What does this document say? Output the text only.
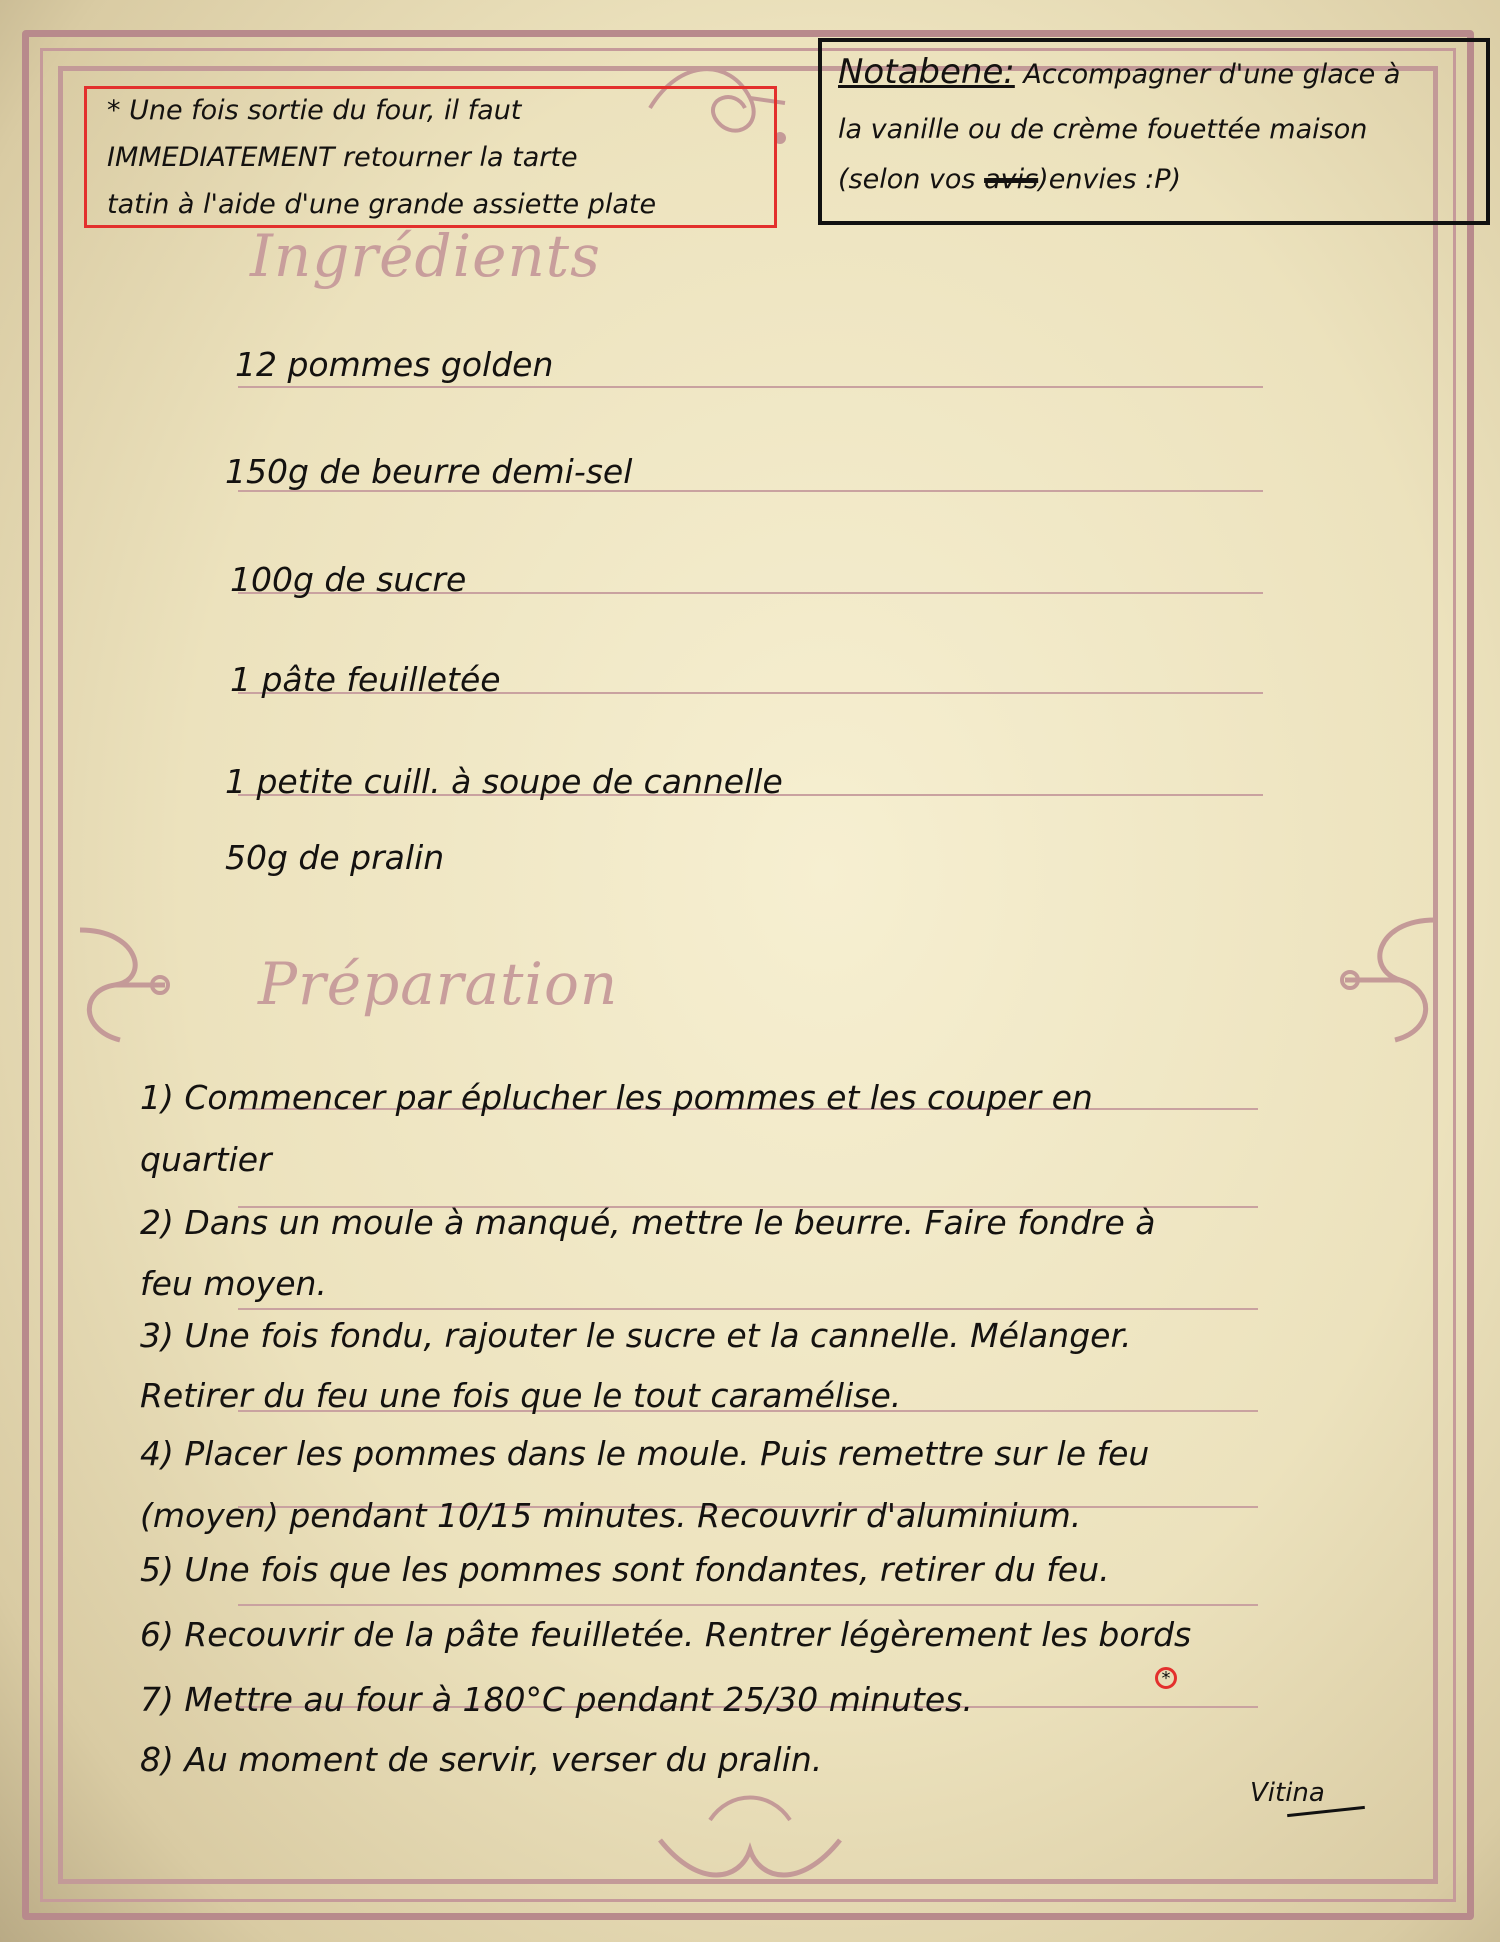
* Une fois sortie du four, il faut
IMMEDIATEMENT retourner la tarte
tatin à l'aide d'une grande assiette plate
Notabene: Accompagner d'une glace à
la vanille ou de crème fouettée maison
(selon vos avis)envies :P)
Ingrédients
12 pommes golden
150g de beurre demi-sel
100g de sucre
1 pâte feuilletée
1 petite cuill. à soupe de cannelle
50g de pralin
Préparation
1) Commencer par éplucher les pommes et les couper en
quartier
2) Dans un moule à manqué, mettre le beurre. Faire fondre à
feu moyen.
3) Une fois fondu, rajouter le sucre et la cannelle. Mélanger.
Retirer du feu une fois que le tout caramélise.
4) Placer les pommes dans le moule. Puis remettre sur le feu
(moyen) pendant 10/15 minutes. Recouvrir d'aluminium.
5) Une fois que les pommes sont fondantes, retirer du feu.
6) Recouvrir de la pâte feuilletée. Rentrer légèrement les bords
7) Mettre au four à 180°C pendant 25/30 minutes.
8) Au moment de servir, verser du pralin.
*
Vitina
